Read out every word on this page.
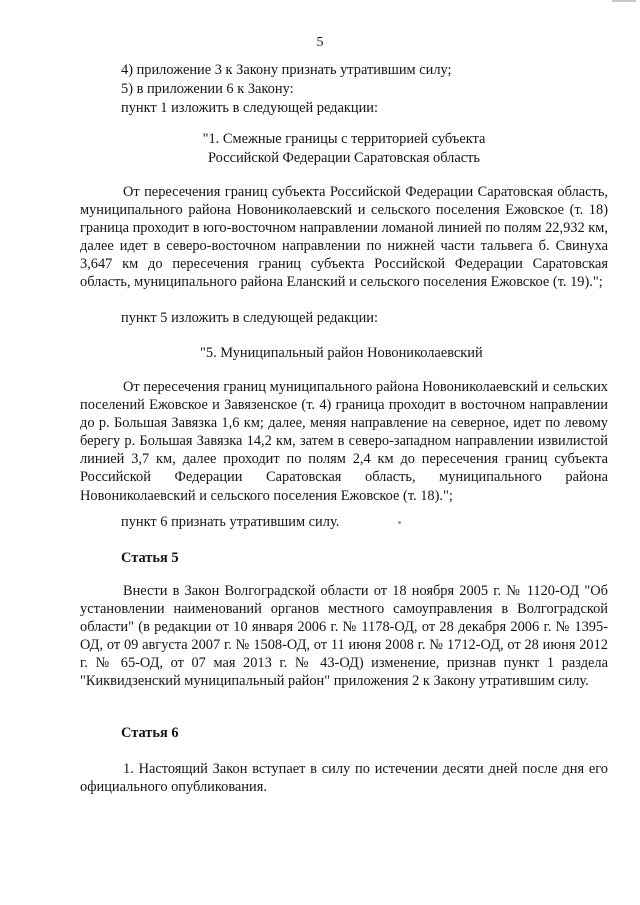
5
4) приложение 3 к Закону признать утратившим силу;
5) в приложении 6 к Закону:
пункт 1 изложить в следующей редакции:
"1. Смежные границы с территорией субъекта
Российской Федерации Саратовская область

От пересечения границ субъекта Российской Федерации Саратовская область, муниципального района Новониколаевский и сельского поселения Ежовское (т. 18) граница проходит в юго-восточном направлении ломаной линией по полям 22,932 км, далее идет в северо-восточном направлении по нижней части тальвега б. Свинуха 3,647 км до пересечения границ субъекта Российской Федерации Саратовская область, муниципального района Еланский и сельского поселения Ежовское (т. 19).";

пункт 5 изложить в следующей редакции:
"5. Муниципальный район Новониколаевский

От пересечения границ муниципального района Новониколаевский и сельских поселений Ежовское и Завязенское (т. 4) граница проходит в восточном направлении до р. Большая Завязка 1,6 км; далее, меняя направление на северное, идет по левому берегу р. Большая Завязка 14,2 км, затем в северо-западном направлении извилистой линией 3,7 км, далее проходит по полям 2,4 км до пересечения границ субъекта Российской Федерации Саратовская область, муниципального района Новониколаевский и сельского поселения Ежовское (т. 18).";

пункт 6 признать утратившим силу.
Статья 5

Внести в Закон Волгоградской области от 18 ноября 2005 г. № 1120-ОД "Об установлении наименований органов местного самоуправления в Волгоградской области" (в редакции от 10 января 2006 г. № 1178-ОД, от 28 декабря 2006 г. № 1395-ОД, от 09 августа 2007 г. № 1508-ОД, от 11 июня 2008 г. № 1712-ОД, от 28 июня 2012 г. № 65-ОД, от 07 мая 2013 г. № 43-ОД) изменение, признав пункт 1 раздела "Киквидзенский муниципальный район" приложения 2 к Закону утратившим силу.

Статья 6

1. Настоящий Закон вступает в силу по истечении десяти дней после дня его официального опубликования.
